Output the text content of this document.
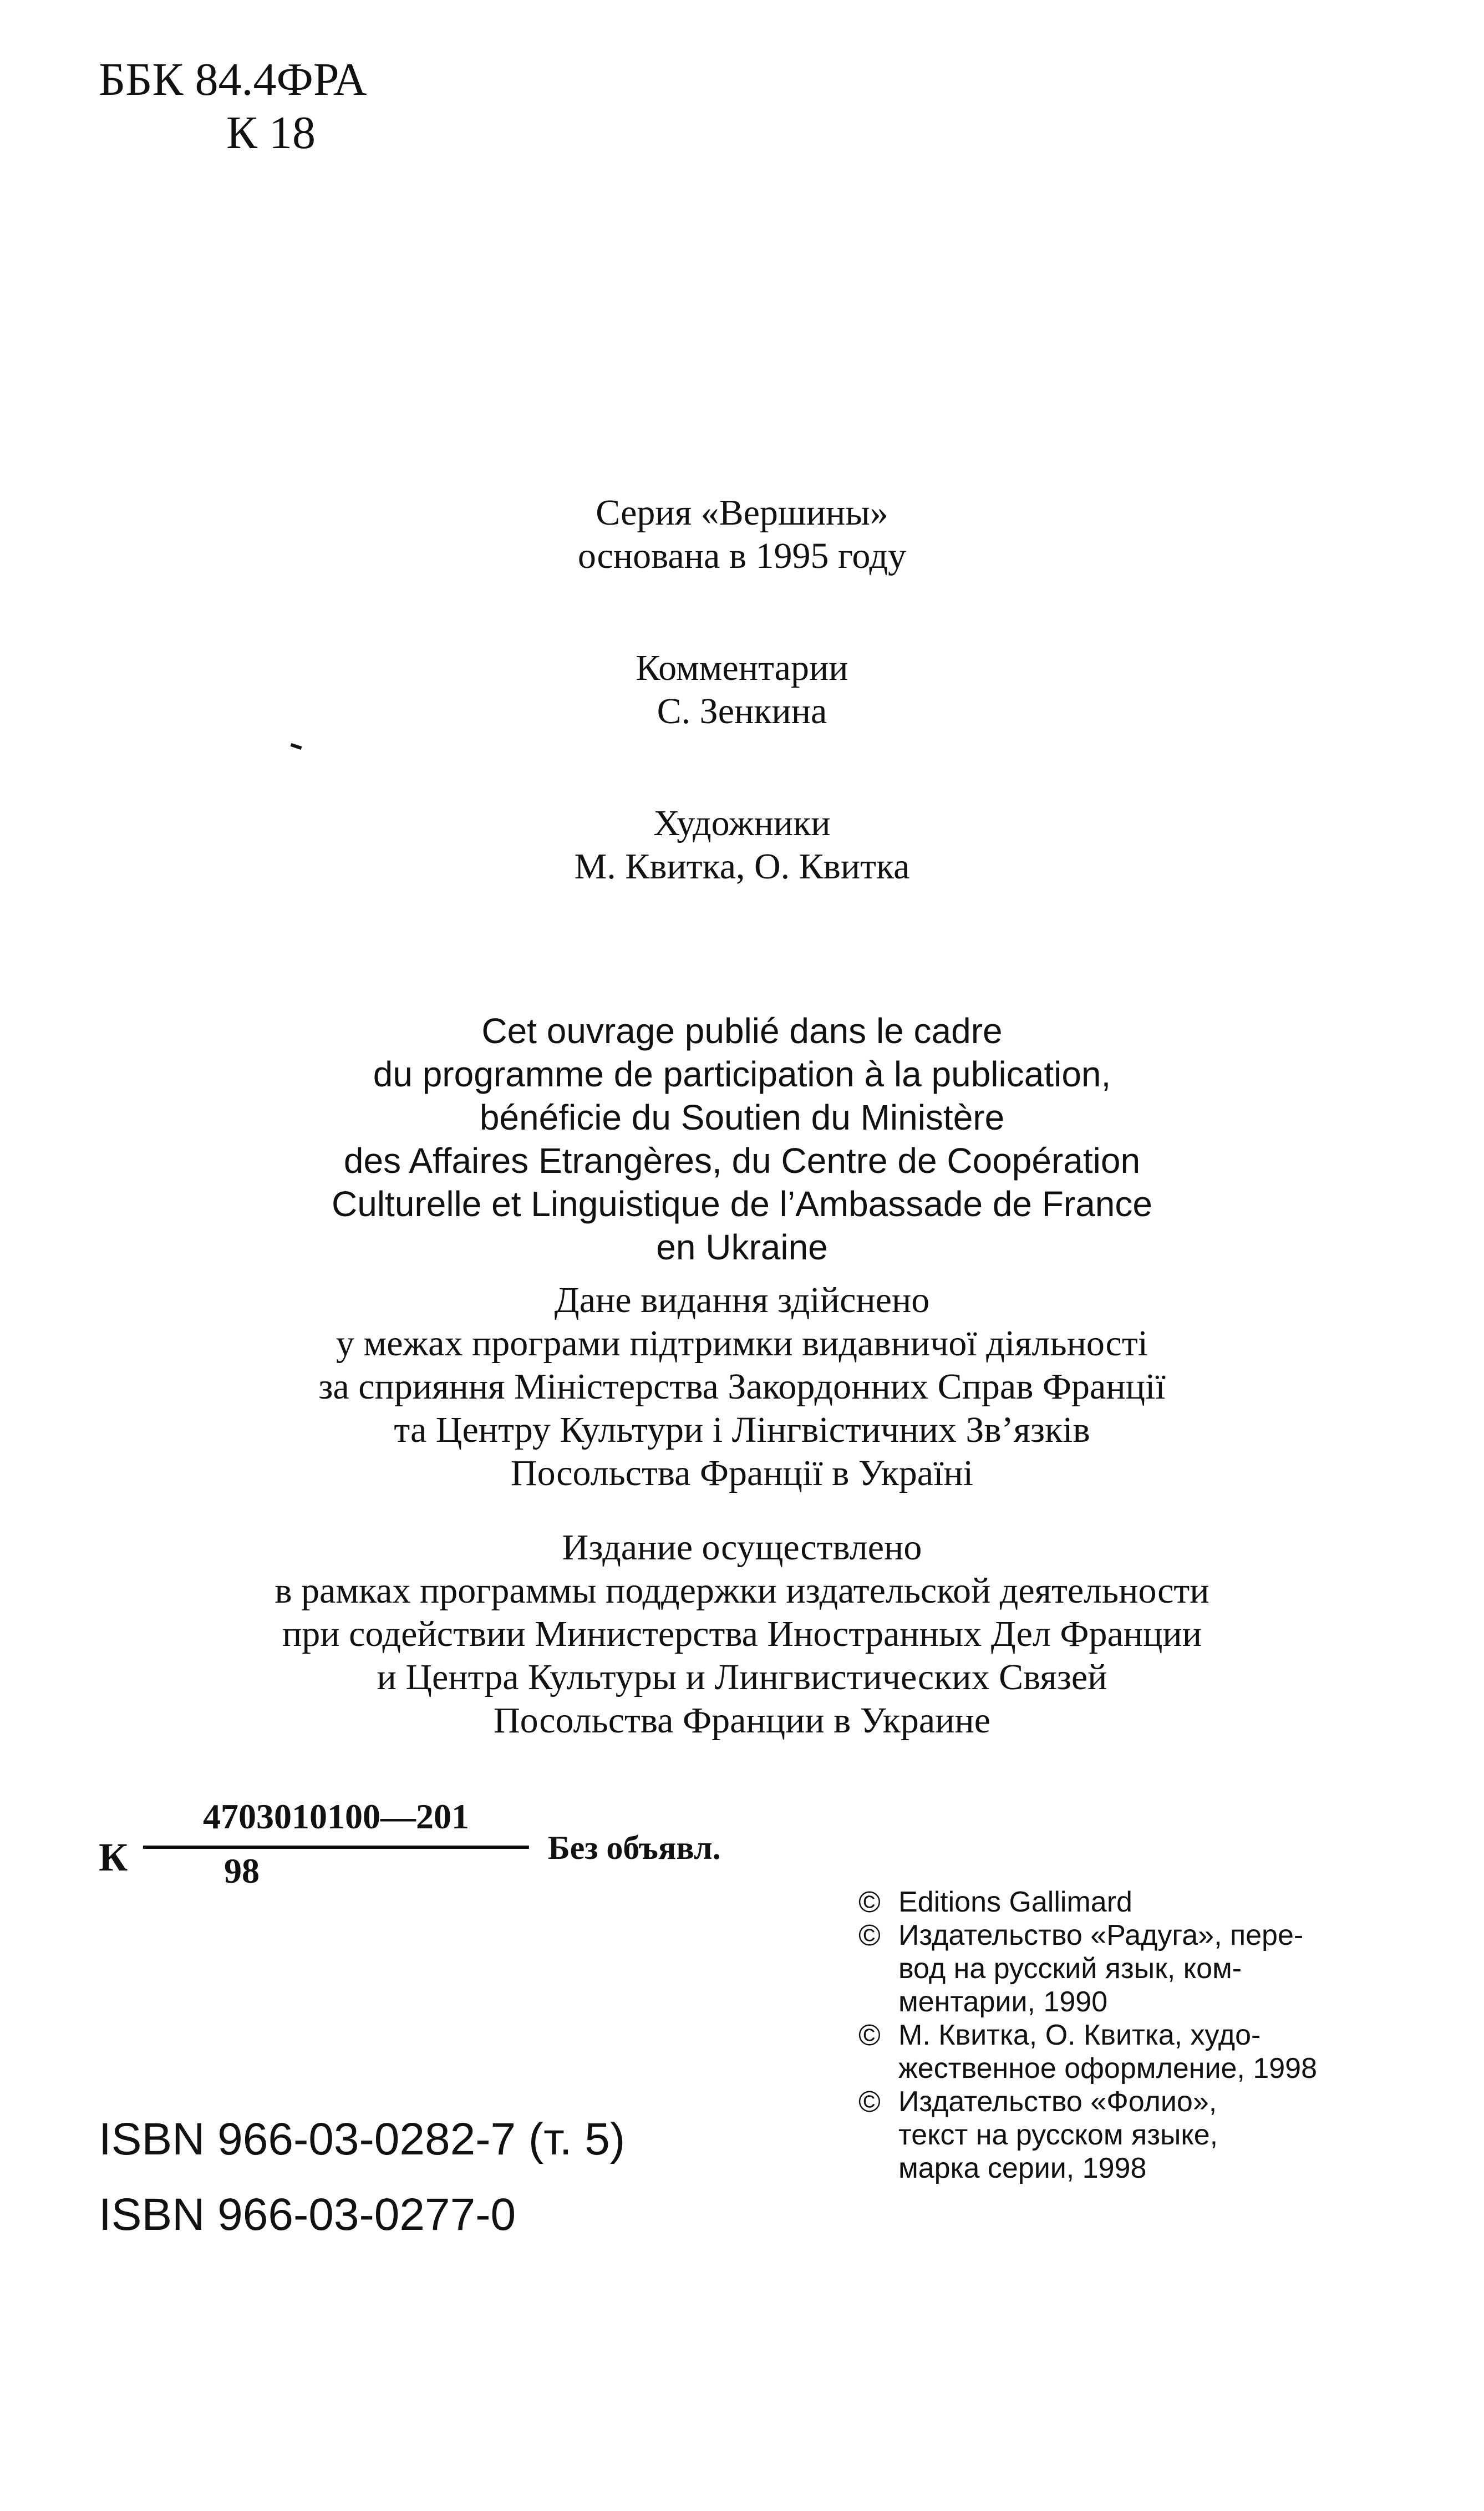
ББК 84.4ФРА
К 18
Серия «Вершины»
основана в 1995 году
Комментарии
С. Зенкина
Художники
М. Квитка, О. Квитка
Cet ouvrage publié dans le cadre
du programme de participation à la publication,
bénéficie du Soutien du Ministère
des Affaires Etrangères, du Centre de Coopération
Culturelle et Linguistique de l’Ambassade de France
en Ukraine
Дане видання здійснено
у межах програми підтримки видавничої діяльності
за сприяння Міністерства Закордонних Справ Франції
та Центру Культури і Лінгвістичних Зв’язків
Посольства Франції в Україні
Издание осуществлено
в рамках программы поддержки издательской деятельности
при содействии Министерства Иностранных Дел Франции
и Центра Культуры и Лингвистических Связей
Посольства Франции в Украине
К
4703010100—201
98
Без объявл.
© Editions Gallimard
© Издательство «Радуга», пере-
вод на русский язык, ком-
ментарии, 1990
© М. Квитка, О. Квитка, худо-
жественное оформление, 1998
© Издательство «Фолио»,
текст на русском языке,
марка серии, 1998
ISBN 966-03-0282-7 (т. 5)
ISBN 966-03-0277-0
